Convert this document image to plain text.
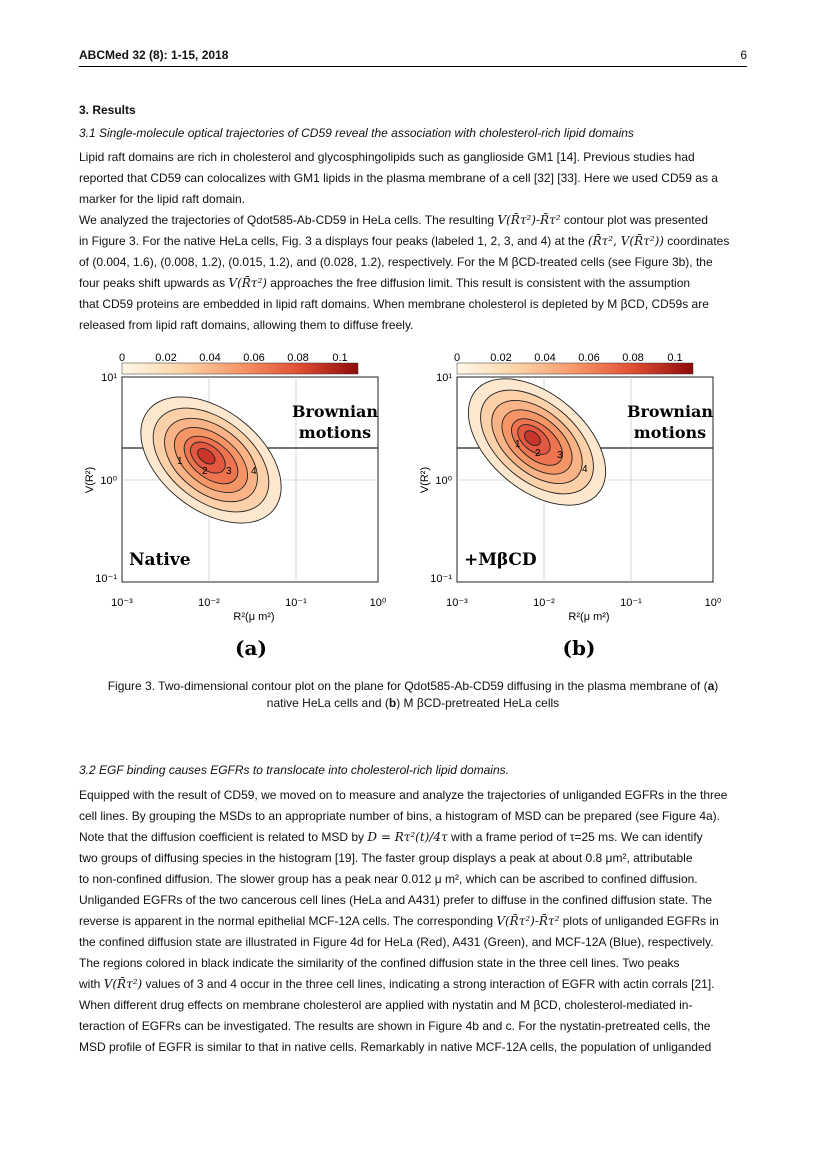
ABCMed 32 (8): 1-15, 2018	6
3. Results
3.1 Single-molecule optical trajectories of CD59 reveal the association with cholesterol-rich lipid domains

Lipid raft domains are rich in cholesterol and glycosphingolipids such as ganglioside GM1 [14]. Previous studies had

reported that CD59 can colocalizes with GM1 lipids in the plasma membrane of a cell [32] [33]. Here we used CD59 as a

marker for the lipid raft domain.

We analyzed the trajectories of Qdot585-Ab-CD59 in HeLa cells. The resulting V(R̄τ²)-R̄τ² contour plot was presented

in Figure 3. For the native HeLa cells, Fig. 3 a displays four peaks (labeled 1, 2, 3, and 4) at the (R̄τ², V(R̄τ²)) coordinates

of (0.004, 1.6), (0.008, 1.2), (0.015, 1.2), and (0.028, 1.2), respectively. For the M βCD-treated cells (see Figure 3b), the

four peaks shift upwards as V(R̄τ²) approaches the free diffusion limit. This result is consistent with the assumption

that CD59 proteins are embedded in lipid raft domains. When membrane cholesterol is depleted by M βCD, CD59s are

released from lipid raft domains, allowing them to diffuse freely.

0	0.02 0.04 0.06 0.08 0.1
1
2 3 4
Brownian
motions
Native
10¹
10⁰
10⁻¹
V(R²)
10⁻³	10⁻²	10⁻¹	10⁰
R²(μ m²)
(a)
0	0.02 0.04 0.06 0.08 0.1
1
2 3
4
Brownian
motions
+MβCD
10¹
10⁰
10⁻¹
V(R²)
10⁻³	10⁻²	10⁻¹	10⁰
R²(μ m²)
(b)
Figure 3. Two-dimensional contour plot on the plane for Qdot585-Ab-CD59 diffusing in the plasma membrane of (a)
native HeLa cells and (b) M βCD-pretreated HeLa cells
3.2 EGF binding causes EGFRs to translocate into cholesterol-rich lipid domains.

Equipped with the result of CD59, we moved on to measure and analyze the trajectories of unliganded EGFRs in the three

cell lines. By grouping the MSDs to an appropriate number of bins, a histogram of MSD can be prepared (see Figure 4a).

Note that the diffusion coefficient is related to MSD by D = Rτ²(t)/4τ with a frame period of τ=25 ms. We can identify

two groups of diffusing species in the histogram [19]. The faster group displays a peak at about 0.8 μm², attributable

to non-confined diffusion. The slower group has a peak near 0.012 μ m², which can be ascribed to confined diffusion.

Unliganded EGFRs of the two cancerous cell lines (HeLa and A431) prefer to diffuse in the confined diffusion state. The

reverse is apparent in the normal epithelial MCF-12A cells. The corresponding V(R̄τ²)-R̄τ² plots of unliganded EGFRs in

the confined diffusion state are illustrated in Figure 4d for HeLa (Red), A431 (Green), and MCF-12A (Blue), respectively.

The regions colored in black indicate the similarity of the confined diffusion state in the three cell lines. Two peaks

with V(R̄τ²) values of 3 and 4 occur in the three cell lines, indicating a strong interaction of EGFR with actin corrals [21].

When different drug effects on membrane cholesterol are applied with nystatin and M βCD, cholesterol-mediated in-

teraction of EGFRs can be investigated. The results are shown in Figure 4b and c. For the nystatin-pretreated cells, the

MSD profile of EGFR is similar to that in native cells. Remarkably in native MCF-12A cells, the population of unliganded
